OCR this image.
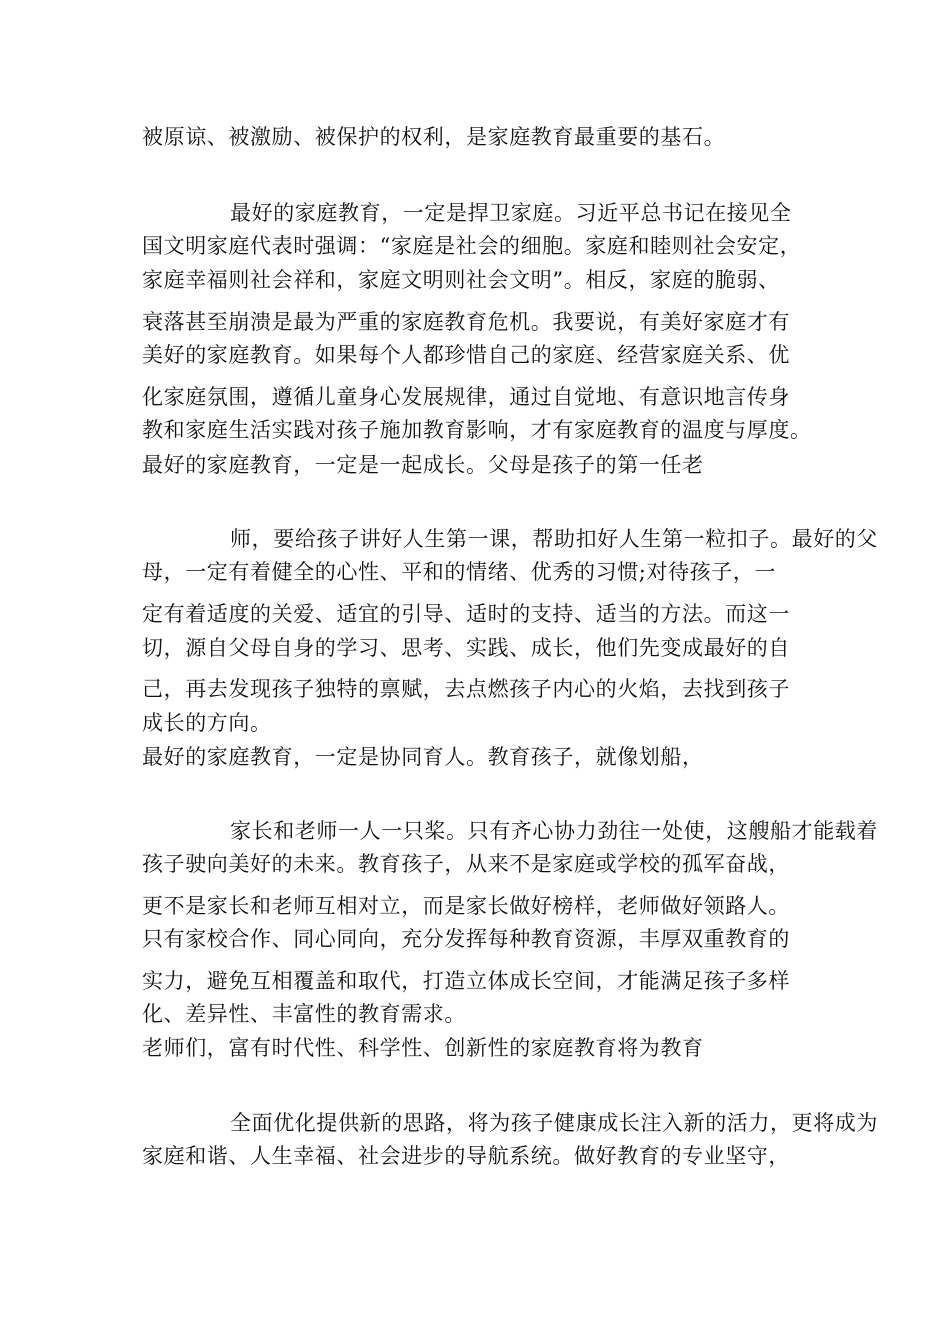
被原谅、被激励、被保护的权利，是家庭教育最重要的基石。
最好的家庭教育，一定是捍卫家庭。习近平总书记在接见全
国文明家庭代表时强调：“家庭是社会的细胞。家庭和睦则社会安定，
家庭幸福则社会祥和，家庭文明则社会文明”。相反，家庭的脆弱、
衰落甚至崩溃是最为严重的家庭教育危机。我要说，有美好家庭才有
美好的家庭教育。如果每个人都珍惜自己的家庭、经营家庭关系、优
化家庭氛围，遵循儿童身心发展规律，通过自觉地、有意识地言传身
教和家庭生活实践对孩子施加教育影响，才有家庭教育的温度与厚度。
最好的家庭教育，一定是一起成长。父母是孩子的第一任老
师，要给孩子讲好人生第一课，帮助扣好人生第一粒扣子。最好的父
母，一定有着健全的心性、平和的情绪、优秀的习惯;对待孩子，一
定有着适度的关爱、适宜的引导、适时的支持、适当的方法。而这一
切，源自父母自身的学习、思考、实践、成长，他们先变成最好的自
己，再去发现孩子独特的禀赋，去点燃孩子内心的火焰，去找到孩子
成长的方向。
最好的家庭教育，一定是协同育人。教育孩子，就像划船，
家长和老师一人一只桨。只有齐心协力劲往一处使，这艘船才能载着
孩子驶向美好的未来。教育孩子，从来不是家庭或学校的孤军奋战，
更不是家长和老师互相对立，而是家长做好榜样，老师做好领路人。
只有家校合作、同心同向，充分发挥每种教育资源，丰厚双重教育的
实力，避免互相覆盖和取代，打造立体成长空间，才能满足孩子多样
化、差异性、丰富性的教育需求。
老师们，富有时代性、科学性、创新性的家庭教育将为教育
全面优化提供新的思路，将为孩子健康成长注入新的活力，更将成为
家庭和谐、人生幸福、社会进步的导航系统。做好教育的专业坚守，
